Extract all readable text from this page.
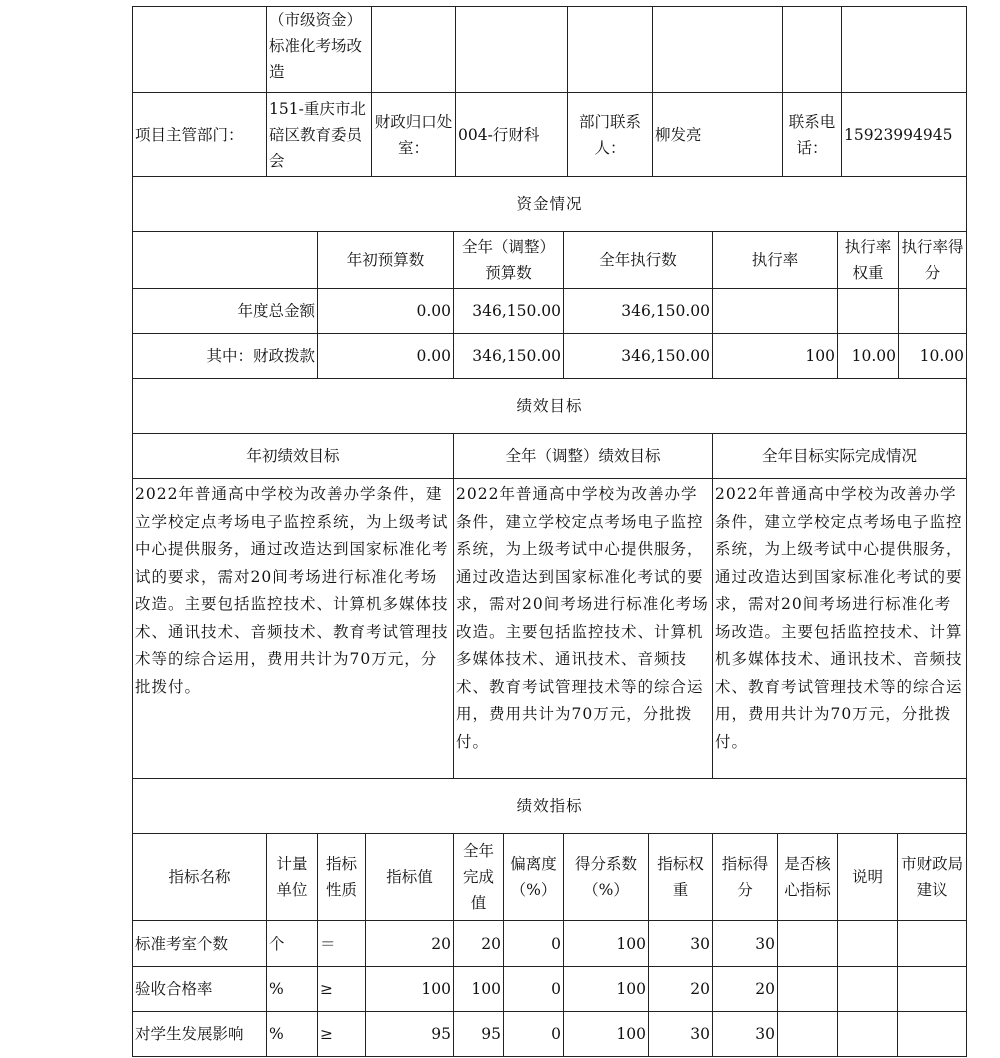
	（市级资金）标准化考场改造						
项目主管部门：	151-重庆市北碚区教育委员会	财政归口处室：	004-行财科	部门联系人：	柳发亮	联系电话：	15923994945
资金情况						
	年初预算数	全年（调整）预算数	全年执行数	执行率	执行率权重	执行率得分
年度总金额	0.00	346,150.00	346,150.00			
其中：财政拨款	0.00	346,150.00	346,150.00	100	10.00	10.00
绩效目标		
年初绩效目标	全年（调整）绩效目标	全年目标实际完成情况
2022年普通高中学校为改善办学条件，建立学校定点考场电子监控系统，为上级考试中心提供服务，通过改造达到国家标准化考试的要求，需对20间考场进行标准化考场改造。主要包括监控技术、计算机多媒体技术、通讯技术、音频技术、教育考试管理技术等的综合运用，费用共计为70万元，分批拨付。	2022年普通高中学校为改善办学条件，建立学校定点考场电子监控系统，为上级考试中心提供服务，通过改造达到国家标准化考试的要求，需对20间考场进行标准化考场改造。主要包括监控技术、计算机多媒体技术、通讯技术、音频技术、教育考试管理技术等的综合运用，费用共计为70万元，分批拨付。	2022年普通高中学校为改善办学条件，建立学校定点考场电子监控系统，为上级考试中心提供服务，通过改造达到国家标准化考试的要求，需对20间考场进行标准化考场改造。主要包括监控技术、计算机多媒体技术、通讯技术、音频技术、教育考试管理技术等的综合运用，费用共计为70万元，分批拨付。
绩效指标											
指标名称	计量单位	指标性质	指标值	全年完成值	偏离度（%）	得分系数（%）	指标权重	指标得分	是否核心指标	说明	市财政局建议
标准考室个数	个	＝	20	20	0	100	30	30			
验收合格率	%	≥	100	100	0	100	20	20			
对学生发展影响	%	≥	95	95	0	100	30	30			
